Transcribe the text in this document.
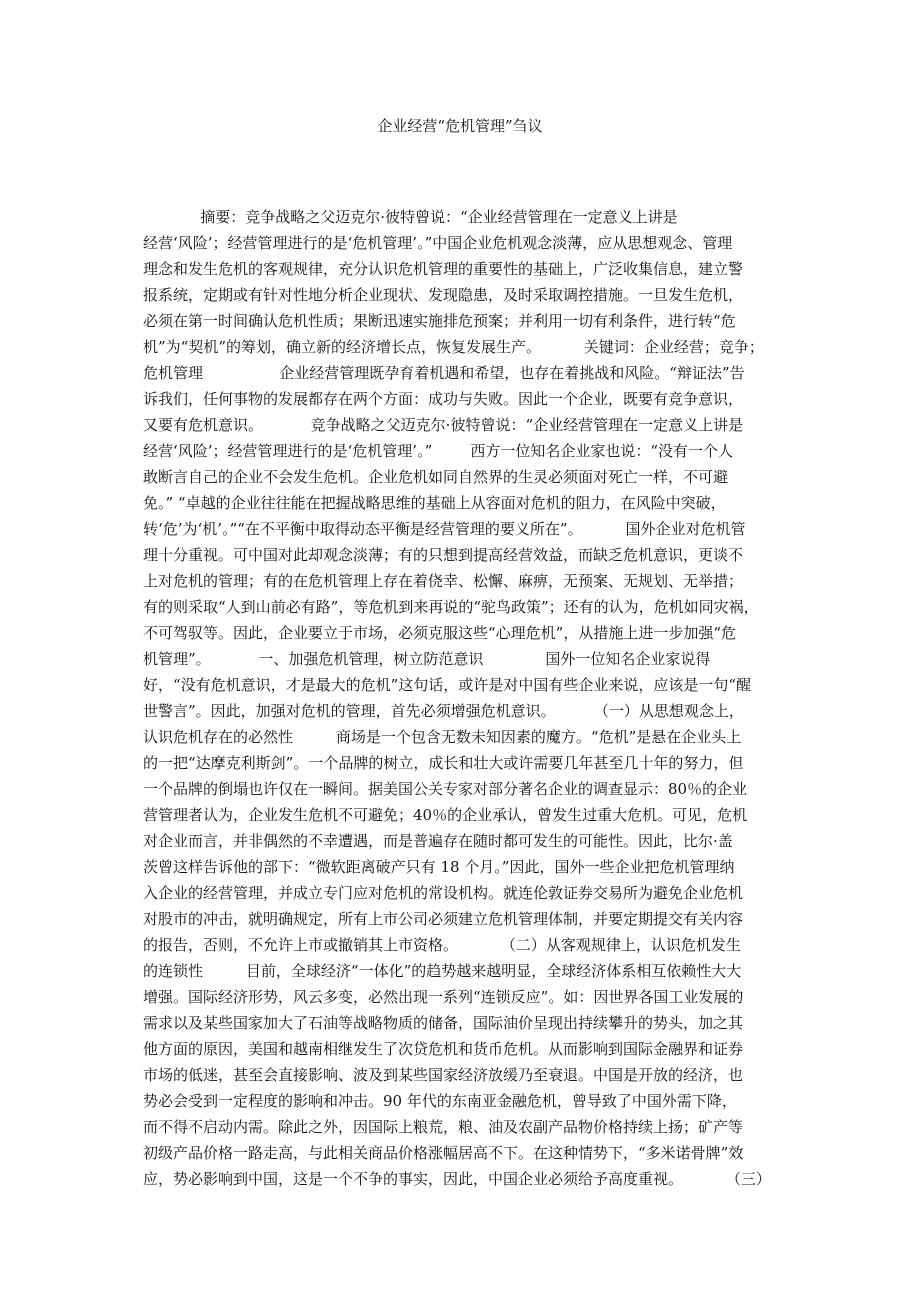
企业经营“危机管理”刍议
摘要：竞争战略之父迈克尔·彼特曾说：“企业经营管理在一定意义上讲是
经营‘风险’；经营管理进行的是‘危机管理’。”中国企业危机观念淡薄，应从思想观念、管理
理念和发生危机的客观规律，充分认识危机管理的重要性的基础上，广泛收集信息，建立警
报系统，定期或有针对性地分析企业现状、发现隐患，及时采取调控措施。一旦发生危机，
必须在第一时间确认危机性质；果断迅速实施排危预案；并利用一切有利条件，进行转“危
机”为“契机”的筹划，确立新的经济增长点，恢复发展生产。         关键词：企业经营；竞争；
危机管理                企业经营管理既孕育着机遇和希望，也存在着挑战和风险。“辩证法”告
诉我们，任何事物的发展都存在两个方面：成功与失败。因此一个企业，既要有竞争意识，
又要有危机意识。          竞争战略之父迈克尔·彼特曾说：“企业经营管理在一定意义上讲是
经营‘风险’；经营管理进行的是‘危机管理’。”        西方一位知名企业家也说：“没有一个人
敢断言自己的企业不会发生危机。企业危机如同自然界的生灵必须面对死亡一样，不可避
免。” “卓越的企业往往能在把握战略思维的基础上从容面对危机的阻力，在风险中突破，
转‘危’为‘机’。”“在不平衡中取得动态平衡是经营管理的要义所在”。         国外企业对危机管
理十分重视。可中国对此却观念淡薄；有的只想到提高经营效益，而缺乏危机意识，更谈不
上对危机的管理；有的在危机管理上存在着侥幸、松懈、麻痹，无预案、无规划、无举措；
有的则采取“人到山前必有路”，等危机到来再说的“驼鸟政策”；还有的认为，危机如同灾祸，
不可驾驭等。因此，企业要立于市场，必须克服这些“心理危机”，从措施上进一步加强“危
机管理”。          一、加强危机管理，树立防范意识             国外一位知名企业家说得
好，“没有危机意识，才是最大的危机”这句话，或许是对中国有些企业来说，应该是一句“醒
世警言”。因此，加强对危机的管理，首先必须增强危机意识。        （一）从思想观念上，
认识危机存在的必然性         商场是一个包含无数未知因素的魔方。“危机”是悬在企业头上
的一把“达摩克利斯剑”。一个品牌的树立，成长和壮大或许需要几年甚至几十年的努力，但
一个品牌的倒塌也许仅在一瞬间。据美国公关专家对部分著名企业的调查显示：80％的企业
营管理者认为，企业发生危机不可避免；40％的企业承认，曾发生过重大危机。可见，危机
对企业而言，并非偶然的不幸遭遇，而是普遍存在随时都可发生的可能性。因此，比尔·盖
茨曾这样告诉他的部下：“微软距离破产只有 18 个月。”因此，国外一些企业把危机管理纳
入企业的经营管理，并成立专门应对危机的常设机构。就连伦敦证券交易所为避免企业危机
对股市的冲击，就明确规定，所有上市公司必须建立危机管理体制，并要定期提交有关内容
的报告，否则，不允许上市或撤销其上市资格。         （二）从客观规律上，认识危机发生
的连锁性         目前，全球经济“一体化”的趋势越来越明显，全球经济体系相互依赖性大大
增强。国际经济形势，风云多变，必然出现一系列“连锁反应”。如：因世界各国工业发展的
需求以及某些国家加大了石油等战略物质的储备，国际油价呈现出持续攀升的势头，加之其
他方面的原因，美国和越南相继发生了次贷危机和货币危机。从而影响到国际金融界和证券
市场的低迷，甚至会直接影响、波及到某些国家经济放缓乃至衰退。中国是开放的经济，也
势必会受到一定程度的影响和冲击。90 年代的东南亚金融危机，曾导致了中国外需下降，
而不得不启动内需。除此之外，因国际上粮荒，粮、油及农副产品物价格持续上扬；矿产等
初级产品价格一路走高，与此相关商品价格涨幅居高不下。在这种情势下，“多米诺骨牌”效
应，势必影响到中国，这是一个不争的事实，因此，中国企业必须给予高度重视。         （三）
